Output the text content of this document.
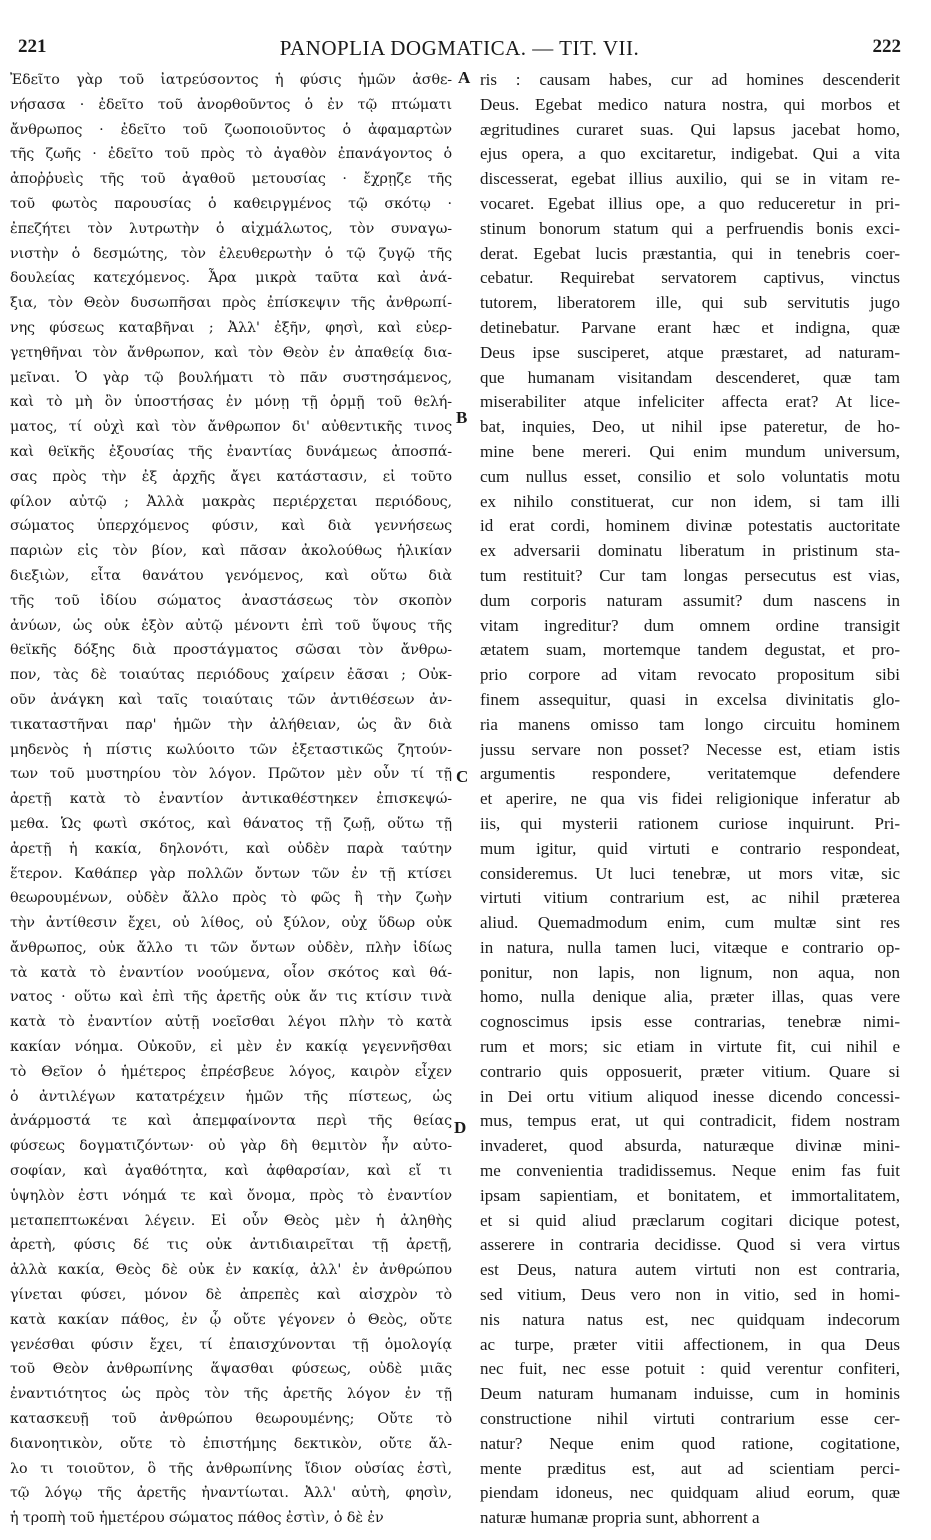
221	PANOPLIA DOGMATICA. — TIT. VII.	222
Ἐδεῖτο γὰρ τοῦ ἰατρεύσοντος ἡ φύσις ἡμῶν ἀσθε-
νήσασα · ἐδεῖτο τοῦ ἀνορθοῦντος ὁ ἐν τῷ πτώματι
ἄνθρωπος · ἐδεῖτο τοῦ ζωοποιοῦντος ὁ ἀφαμαρτὼν
τῆς ζωῆς · ἐδεῖτο τοῦ πρὸς τὸ ἀγαθὸν ἐπανάγοντος ὁ
ἀποῤῥυεὶς τῆς τοῦ ἀγαθοῦ μετουσίας · ἔχρῃζε τῆς
τοῦ φωτὸς παρουσίας ὁ καθειργμένος τῷ σκότῳ ·
ἐπεζήτει τὸν λυτρωτὴν ὁ αἰχμάλωτος, τὸν συναγω-
νιστὴν ὁ δεσμώτης, τὸν ἐλευθερωτὴν ὁ τῷ ζυγῷ τῆς
δουλείας κατεχόμενος. Ἆρα μικρὰ ταῦτα καὶ ἀνά-
ξια, τὸν Θεὸν δυσωπῆσαι πρὸς ἐπίσκεψιν τῆς ἀνθρωπί-
νης φύσεως καταβῆναι ; Ἀλλ' ἐξῆν, φησὶ, καὶ εὐερ-
γετηθῆναι τὸν ἄνθρωπον, καὶ τὸν Θεὸν ἐν ἀπαθείᾳ δια-
μεῖναι. Ὁ γὰρ τῷ βουλήματι τὸ πᾶν συστησάμενος,
καὶ τὸ μὴ ὂν ὑποστήσας ἐν μόνῃ τῇ ὁρμῇ τοῦ θελή-
ματος, τί οὐχὶ καὶ τὸν ἄνθρωπον δι' αὐθεντικῆς τινος
καὶ θεϊκῆς ἐξουσίας τῆς ἐναντίας δυνάμεως ἀποσπά-
σας πρὸς τὴν ἐξ ἀρχῆς ἄγει κατάστασιν, εἰ τοῦτο
φίλον αὐτῷ ; Ἀλλὰ μακρὰς περιέρχεται περιόδους,
σώματος ὑπερχόμενος φύσιν, καὶ διὰ γεννήσεως
παριὼν εἰς τὸν βίον, καὶ πᾶσαν ἀκολούθως ἡλικίαν
διεξιὼν, εἶτα θανάτου γενόμενος, καὶ οὕτω διὰ
τῆς τοῦ ἰδίου σώματος ἀναστάσεως τὸν σκοπὸν
ἀνύων, ὡς οὐκ ἐξὸν αὐτῷ μένοντι ἐπὶ τοῦ ὕψους τῆς
θεϊκῆς δόξης διὰ προστάγματος σῶσαι τὸν ἄνθρω-
πον, τὰς δὲ τοιαύτας περιόδους χαίρειν ἐᾶσαι ; Οὐκ-
οῦν ἀνάγκη καὶ ταῖς τοιαύταις τῶν ἀντιθέσεων ἀν-
τικαταστῆναι παρ' ἡμῶν τὴν ἀλήθειαν, ὡς ἂν διὰ
μηδενὸς ἡ πίστις κωλύοιτο τῶν ἐξεταστικῶς ζητούν-
των τοῦ μυστηρίου τὸν λόγον. Πρῶτον μὲν οὖν τί τῇ
ἀρετῇ κατὰ τὸ ἐναντίον ἀντικαθέστηκεν ἐπισκεψώ-
μεθα. Ὡς φωτὶ σκότος, καὶ θάνατος τῇ ζωῇ, οὕτω τῇ
ἀρετῇ ἡ κακία, δηλονότι, καὶ οὐδὲν παρὰ ταύτην
ἕτερον. Καθάπερ γὰρ πολλῶν ὄντων τῶν ἐν τῇ κτίσει
θεωρουμένων, οὐδὲν ἄλλο πρὸς τὸ φῶς ἢ τὴν ζωὴν
τὴν ἀντίθεσιν ἔχει, οὐ λίθος, οὐ ξύλον, οὐχ ὕδωρ οὐκ
ἄνθρωπος, οὐκ ἄλλο τι τῶν ὄντων οὐδὲν, πλὴν ἰδίως
τὰ κατὰ τὸ ἐναντίον νοούμενα, οἷον σκότος καὶ θά-
νατος · οὕτω καὶ ἐπὶ τῆς ἀρετῆς οὐκ ἄν τις κτίσιν τινὰ
κατὰ τὸ ἐναντίον αὐτῇ νοεῖσθαι λέγοι πλὴν τὸ κατὰ
κακίαν νόημα. Οὐκοῦν, εἰ μὲν ἐν κακίᾳ γεγεννῆσθαι
τὸ Θεῖον ὁ ἡμέτερος ἐπρέσβευε λόγος, καιρὸν εἶχεν
ὁ ἀντιλέγων κατατρέχειν ἡμῶν τῆς πίστεως, ὡς
ἀνάρμοστά τε καὶ ἀπεμφαίνοντα περὶ τῆς θείας
φύσεως δογματιζόντων· οὐ γὰρ δὴ θεμιτὸν ἦν αὐτο-
σοφίαν, καὶ ἀγαθότητα, καὶ ἀφθαρσίαν, καὶ εἴ τι
ὑψηλὸν ἐστι νόημά τε καὶ ὄνομα, πρὸς τὸ ἐναντίον
μεταπεπτωκέναι λέγειν. Εἰ οὖν Θεὸς μὲν ἡ ἀληθὴς
ἀρετὴ, φύσις δέ τις οὐκ ἀντιδιαιρεῖται τῇ ἀρετῇ,
ἀλλὰ κακία, Θεὸς δὲ οὐκ ἐν κακίᾳ, ἀλλ' ἐν ἀνθρώπου
γίνεται φύσει, μόνον δὲ ἀπρεπὲς καὶ αἰσχρὸν τὸ
κατὰ κακίαν πάθος, ἐν ᾧ οὔτε γέγονεν ὁ Θεὸς, οὔτε
γενέσθαι φύσιν ἔχει, τί ἐπαισχύνονται τῇ ὁμολογίᾳ
τοῦ Θεὸν ἀνθρωπίνης ἅψασθαι φύσεως, οὐδὲ μιᾶς
ἐναντιότητος ὡς πρὸς τὸν τῆς ἀρετῆς λόγον ἐν τῇ
κατασκευῇ τοῦ ἀνθρώπου θεωρουμένης; Οὔτε τὸ
διανοητικὸν, οὔτε τὸ ἐπιστήμης δεκτικὸν, οὔτε ἄλ-
λο τι τοιοῦτον, ὃ τῆς ἀνθρωπίνης ἴδιον οὐσίας ἐστὶ,
τῷ λόγῳ τῆς ἀρετῆς ἠναντίωται. Ἀλλ' αὐτὴ, φησὶν,
ἡ τροπὴ τοῦ ἡμετέρου σώματος πάθος ἐστὶν, ὁ δὲ ἐν
ris : causam habes, cur ad homines descenderit
Deus. Egebat medico natura nostra, qui morbos et
ægritudines curaret suas. Qui lapsus jacebat homo,
ejus opera, a quo excitaretur, indigebat. Qui a vita
discesserat, egebat illius auxilio, qui se in vitam re-
vocaret. Egebat illius ope, a quo reduceretur in pri-
stinum bonorum statum qui a perfruendis bonis exci-
derat. Egebat lucis præstantia, qui in tenebris coer-
cebatur. Requirebat servatorem captivus, vinctus
tutorem, liberatorem ille, qui sub servitutis jugo
detinebatur. Parvane erant hæc et indigna, quæ
Deus ipse susciperet, atque præstaret, ad naturam-
que humanam visitandam descenderet, quæ tam
miserabiliter atque infeliciter affecta erat? At lice-
bat, inquies, Deo, ut nihil ipse pateretur, de ho-
mine bene mereri. Qui enim mundum universum,
cum nullus esset, consilio et solo voluntatis motu
ex nihilo constituerat, cur non idem, si tam illi
id erat cordi, hominem divinæ potestatis auctoritate
ex adversarii dominatu liberatum in pristinum sta-
tum restituit? Cur tam longas persecutus est vias,
dum corporis naturam assumit? dum nascens in
vitam ingreditur? dum omnem ordine transigit
ætatem suam, mortemque tandem degustat, et pro-
prio corpore ad vitam revocato propositum sibi
finem assequitur, quasi in excelsa divinitatis glo-
ria manens omisso tam longo circuitu hominem
jussu servare non posset? Necesse est, etiam istis
argumentis respondere, veritatemque defendere
et aperire, ne qua vis fidei religionique inferatur ab
iis, qui mysterii rationem curiose inquirunt. Pri-
mum igitur, quid virtuti e contrario respondeat,
consideremus. Ut luci tenebræ, ut mors vitæ, sic
virtuti vitium contrarium est, ac nihil præterea
aliud. Quemadmodum enim, cum multæ sint res
in natura, nulla tamen luci, vitæque e contrario op-
ponitur, non lapis, non lignum, non aqua, non
homo, nulla denique alia, præter illas, quas vere
cognoscimus ipsis esse contrarias, tenebræ nimi-
rum et mors; sic etiam in virtute fit, cui nihil e
contrario quis opposuerit, præter vitium. Quare si
in Dei ortu vitium aliquod inesse dicendo concessi-
mus, tempus erat, ut qui contradicit, fidem nostram
invaderet, quod absurda, naturæque divinæ mini-
me convenientia tradidissemus. Neque enim fas fuit
ipsam sapientiam, et bonitatem, et immortalitatem,
et si quid aliud præclarum cogitari dicique potest,
asserere in contraria decidisse. Quod si vera virtus
est Deus, natura autem virtuti non est contraria,
sed vitium, Deus vero non in vitio, sed in homi-
nis natura natus est, nec quidquam indecorum
ac turpe, præter vitii affectionem, in qua Deus
nec fuit, nec esse potuit : quid verentur confiteri,
Deum naturam humanam induisse, cum in hominis
constructione nihil virtuti contrarium esse cer-
natur? Neque enim quod ratione, cogitatione,
mente præditus est, aut ad scientiam perci-
piendam idoneus, nec quidquam aliud eorum, quæ
naturæ humanæ propria sunt, abhorrent a
A
B
C
D
